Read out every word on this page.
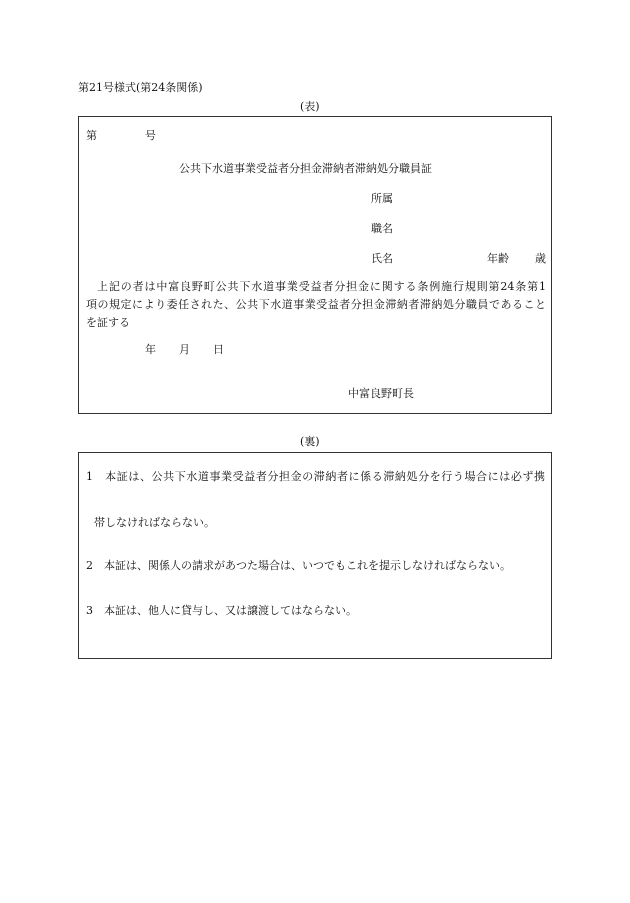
第21号様式(第24条関係)
(表)
第	号
公共下水道事業受益者分担金滞納者滞納処分職員証
所属
職名
氏名	年齢 歳
上記の者は中富良野町公共下水道事業受益者分担金に関する条例施行規則第24条第1
項の規定により委任された、公共下水道事業受益者分担金滞納者滞納処分職員であること
を証する
年 月 日
中富良野町長
(裏)
1　本証は、公共下水道事業受益者分担金の滞納者に係る滞納処分を行う場合には必ず携
帯しなければならない。
2　本証は、関係人の請求があつた場合は、いつでもこれを提示しなければならない。
3　本証は、他人に貸与し、又は譲渡してはならない。
